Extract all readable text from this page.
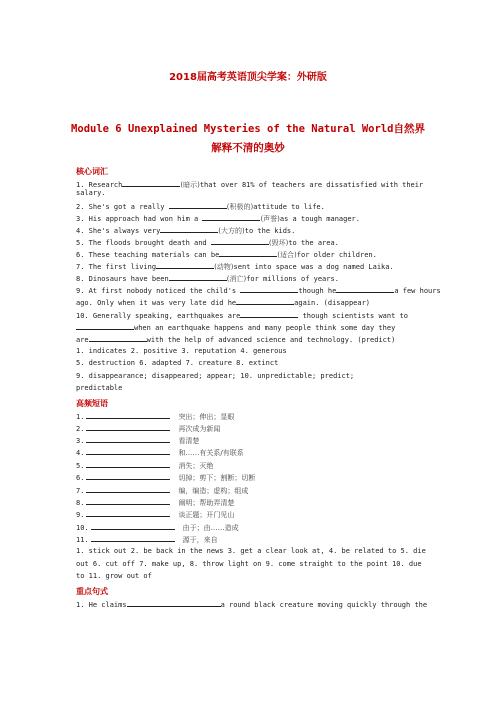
2018届高考英语顶尖学案：外研版
Module 6 Unexplained Mysteries of the Natural World自然界
解释不清的奥妙
核心词汇
1. Research	(暗示)that over 81% of teachers are dissatisfied with their
salary.
2. She's got a really	(积极的)attitude to life.
3. His approach had won him a	(声誉)as a tough manager.
4. She's always very	(大方的)to the kids.
5. The floods brought death and	(毁坏)to the area.
6. These teaching materials can be	(适合)for older children.
7. The first living	(动物)sent into space was a dog named Laika.
8. Dinosaurs have been	(消亡)for millions of years.
9. At first nobody noticed the child's	though he	a few hours
ago. Only when it was very late did he	again. (disappear)
10. Generally speaking, earthquakes are	though scientists want to
when an earthquake happens and many people think some day they
are	with the help of advanced science and technology. (predict)
1. indicates 2. positive 3. reputation 4. generous
5. destruction 6. adapted 7. creature 8. extinct
9. disappearance; disappeared; appear; 10. unpredictable; predict;
predictable
高频短语
1.	突出；伸出；显眼
2.	再次成为新闻
3.	看清楚
4.	和……有关系/有联系
5.	消失；灭绝
6.	切掉；剪下；割断；切断
7.	编，编造；虚构；组成
8.	阐明；帮助弄清楚
9.	谈正题；开门见山
10.	由于；由……造成
11.	源于，来自
1. stick out 2. be back in the news 3. get a clear look at, 4. be related to 5. die
out 6. cut off 7. make up, 8. throw light on 9. come straight to the point 10. due
to 11. grow out of
重点句式
1. He claims	a round black creature moving quickly through the
